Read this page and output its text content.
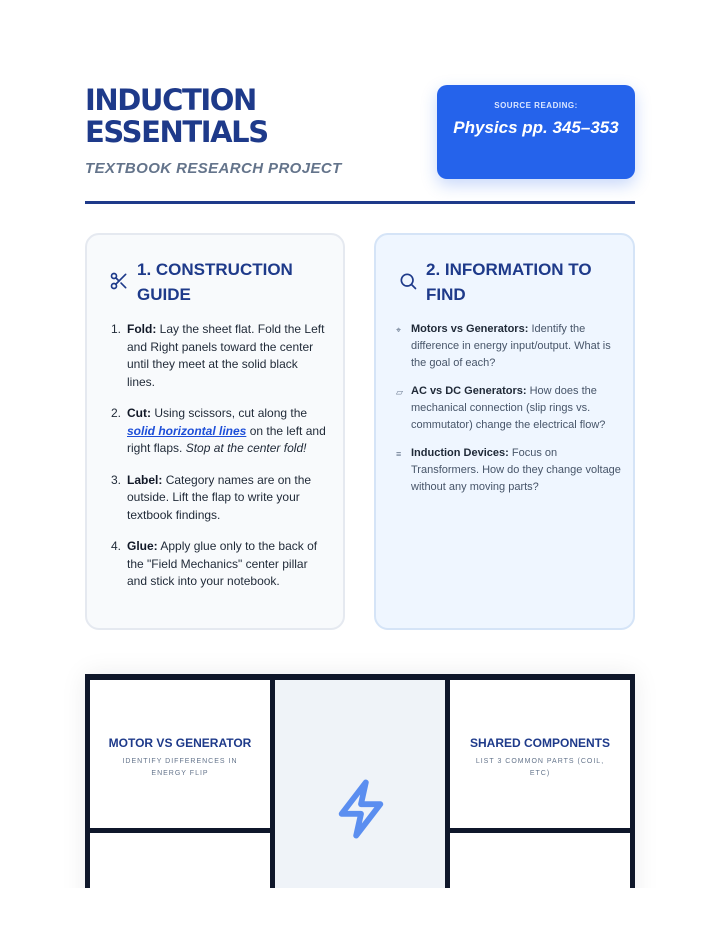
INDUCTION
ESSENTIALS
TEXTBOOK RESEARCH PROJECT
SOURCE READING:
Physics pp. 345–353
1. CONSTRUCTION GUIDE
1. Fold: Lay the sheet flat. Fold the Left and Right panels toward the center until they meet at the solid black lines.
2. Cut: Using scissors, cut along the solid horizontal lines on the left and right flaps. Stop at the center fold!
3. Label: Category names are on the outside. Lift the flap to write your textbook findings.
4. Glue: Apply glue only to the back of the "Field Mechanics" center pillar and stick into your notebook.
2. INFORMATION TO FIND
⌖ Motors vs Generators: Identify the difference in energy input/output. What is the goal of each?
▱ AC vs DC Generators: How does the mechanical connection (slip rings vs. commutator) change the electrical flow?
≡ Induction Devices: Focus on Transformers. How do they change voltage without any moving parts?
MOTOR VS GENERATOR
IDENTIFY DIFFERENCES IN ENERGY FLIP
SHARED COMPONENTS
LIST 3 COMMON PARTS (COIL, ETC)
